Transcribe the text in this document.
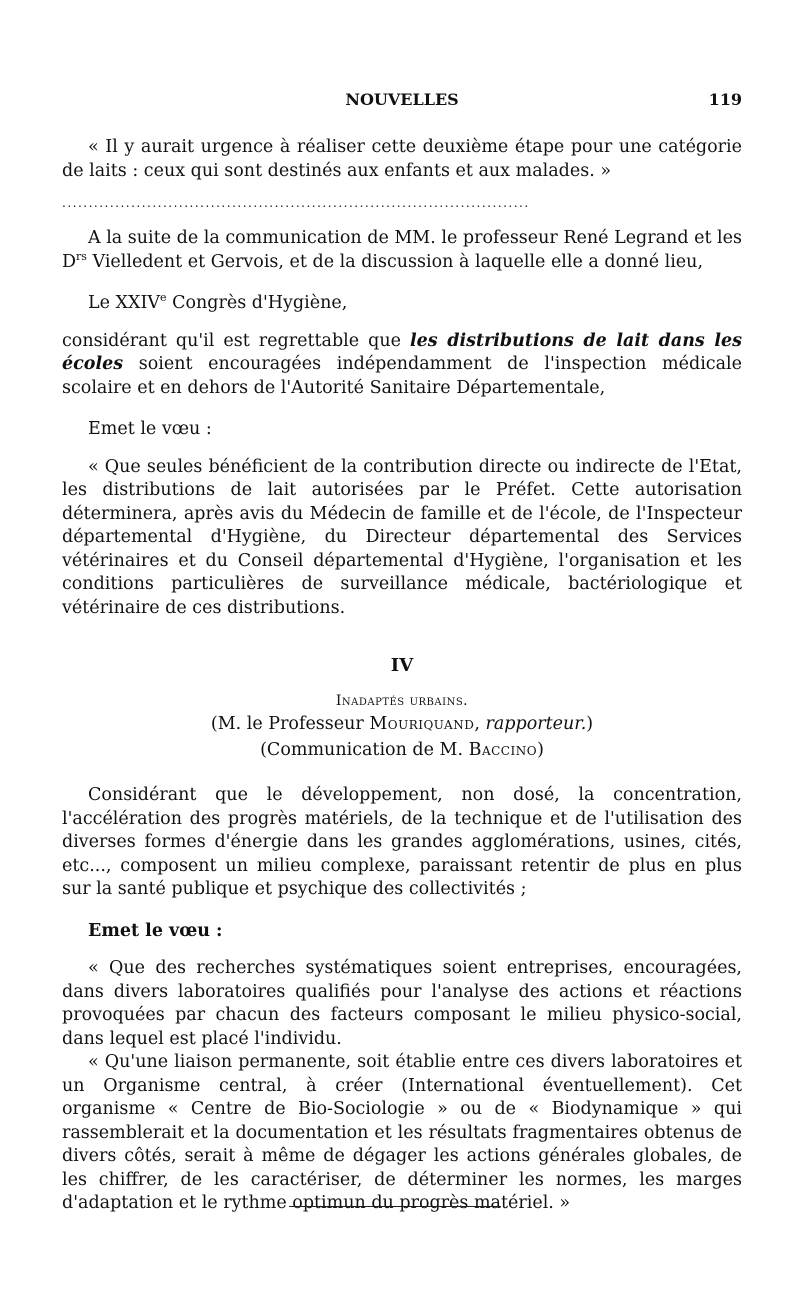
NOUVELLES	119

« Il y aurait urgence à réaliser cette deuxième étape pour une catégorie de laits : ceux qui sont destinés aux enfants et aux malades. »

........................................................................................

A la suite de la communication de MM. le professeur René Legrand et les $D^{rs}$ Vielledent et Gervois, et de la discussion à laquelle elle a donné lieu,

Le XXIVe Congrès d'Hygiène,

considérant qu'il est regrettable que les distributions de lait dans les écoles soient encouragées indépendamment de l'inspection médicale scolaire et en dehors de l'Autorité Sanitaire Départementale,

Emet le vœu :

« Que seules bénéficient de la contribution directe ou indirecte de l'Etat, les distributions de lait autorisées par le Préfet. Cette autorisation déterminera, après avis du Médecin de famille et de l'école, de l'Inspecteur départemental d'Hygiène, du Directeur départemental des Services vétérinaires et du Conseil départemental d'Hygiène, l'organisation et les conditions particulières de surveillance médicale, bactériologique et vétérinaire de ces distributions.

IV

Inadaptés urbains.

(M. le Professeur Mouriquand, rapporteur.)

(Communication de M. Baccino)

Considérant que le développement, non dosé, la concentration, l'accélération des progrès matériels, de la technique et de l'utilisation des diverses formes d'énergie dans les grandes agglomérations, usines, cités, etc..., composent un milieu complexe, paraissant retentir de plus en plus sur la santé publique et psychique des collectivités ;

Emet le vœu :

« Que des recherches systématiques soient entreprises, encouragées, dans divers laboratoires qualifiés pour l'analyse des actions et réactions provoquées par chacun des facteurs composant le milieu physico-social, dans lequel est placé l'individu.

« Qu'une liaison permanente, soit établie entre ces divers laboratoires et un Organisme central, à créer (International éventuellement). Cet organisme « Centre de Bio-Sociologie » ou de « Biodynamique » qui rassemblerait et la documentation et les résultats fragmentaires obtenus de divers côtés, serait à même de dégager les actions générales globales, de les chiffrer, de les caractériser, de déterminer les normes, les marges d'adaptation et le rythme optimun du progrès matériel. »
